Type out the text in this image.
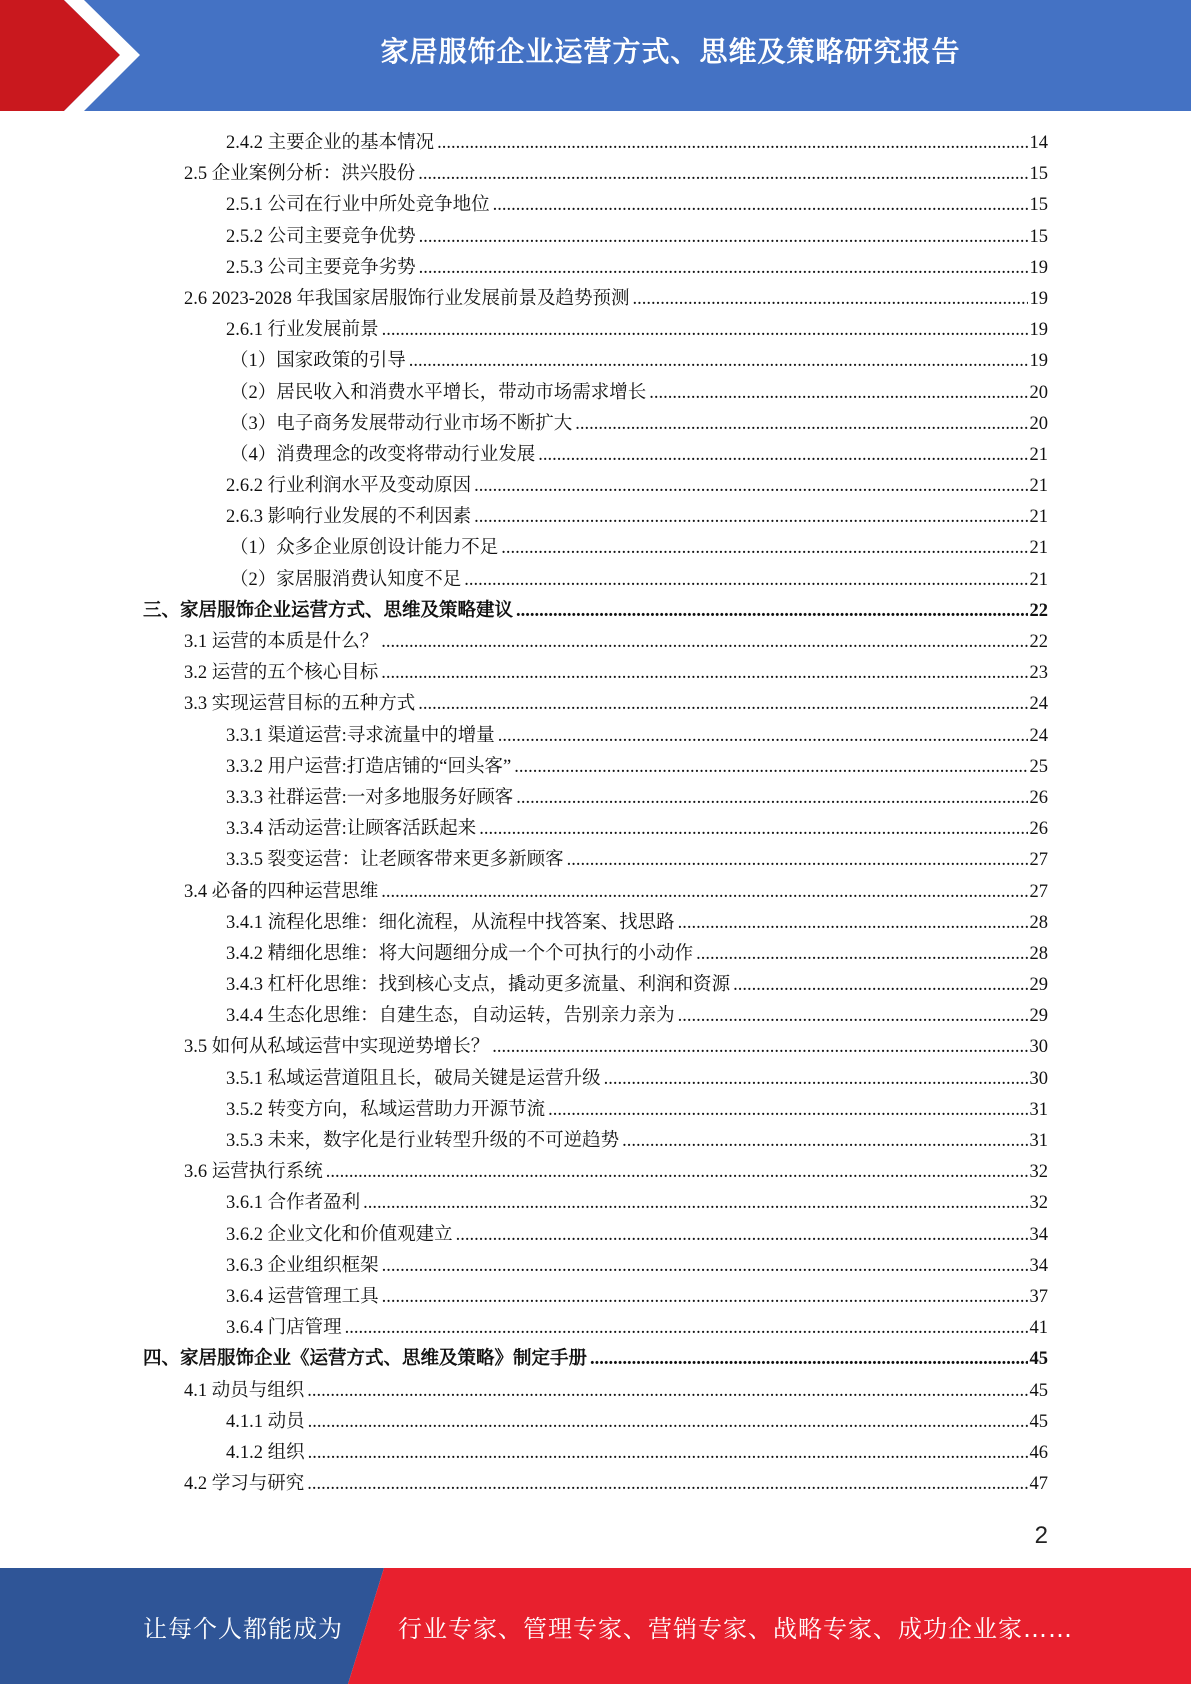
家居服饰企业运营方式、思维及策略研究报告
2.4.2 主要企业的基本情况 .....	14
2.5 企业案例分析：洪兴股份 .....	15
2.5.1 公司在行业中所处竞争地位 .....	15
2.5.2 公司主要竞争优势 .....	15
2.5.3 公司主要竞争劣势 .....	19
2.6 2023-2028 年我国家居服饰行业发展前景及趋势预测 .....	19
2.6.1 行业发展前景 .....	19
（1）国家政策的引导 .....	19
（2）居民收入和消费水平增长，带动市场需求增长 .....	20
（3）电子商务发展带动行业市场不断扩大 .....	20
（4）消费理念的改变将带动行业发展 .....	21
2.6.2 行业利润水平及变动原因 .....	21
2.6.3 影响行业发展的不利因素 .....	21
（1）众多企业原创设计能力不足 .....	21
（2）家居服消费认知度不足 .....	21
三、家居服饰企业运营方式、思维及策略建议 .....	22
3.1 运营的本质是什么？ .....	22
3.2 运营的五个核心目标 .....	23
3.3 实现运营目标的五种方式 .....	24
3.3.1 渠道运营:寻求流量中的增量 .....	24
3.3.2 用户运营:打造店铺的“回头客” .....	25
3.3.3 社群运营:一对多地服务好顾客 .....	26
3.3.4 活动运营:让顾客活跃起来 .....	26
3.3.5 裂变运营：让老顾客带来更多新顾客 .....	27
3.4 必备的四种运营思维 .....	27
3.4.1 流程化思维：细化流程，从流程中找答案、找思路 .....	28
3.4.2 精细化思维：将大问题细分成一个个可执行的小动作 .....	28
3.4.3 杠杆化思维：找到核心支点，撬动更多流量、利润和资源 .....	29
3.4.4 生态化思维：自建生态，自动运转，告别亲力亲为 .....	29
3.5 如何从私域运营中实现逆势增长？ .....	30
3.5.1 私域运营道阻且长，破局关键是运营升级 .....	30
3.5.2 转变方向，私域运营助力开源节流 .....	31
3.5.3 未来，数字化是行业转型升级的不可逆趋势 .....	31
3.6 运营执行系统 .....	32
3.6.1 合作者盈利 .....	32
3.6.2 企业文化和价值观建立 .....	34
3.6.3 企业组织框架 .....	34
3.6.4 运营管理工具 .....	37
3.6.4 门店管理 .....	41
四、家居服饰企业《运营方式、思维及策略》制定手册 .....	45
4.1 动员与组织 .....	45
4.1.1 动员 .....	45
4.1.2 组织 .....	46
4.2 学习与研究 .....	47
2
让每个人都能成为 行业专家、管理专家、营销专家、战略专家、成功企业家……
